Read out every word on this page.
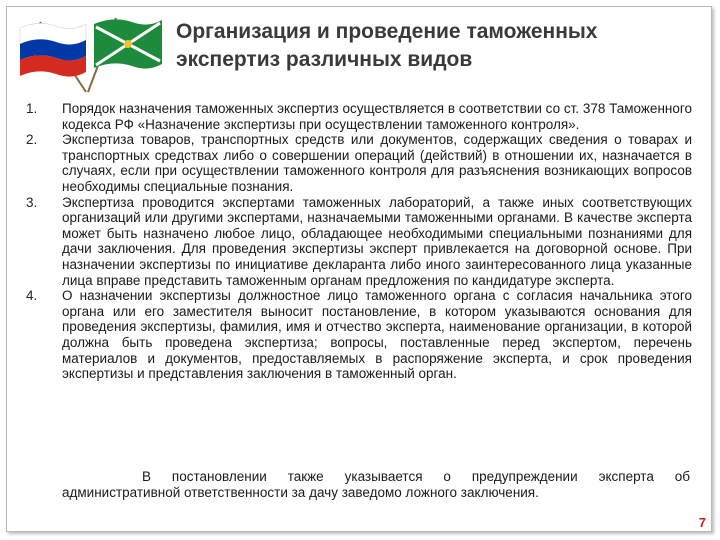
Организация и проведение таможенных
экспертиз различных видов
1. Порядок назначения таможенных экспертиз осуществляется в соответствии со ст. 378 Таможенного кодекса РФ «Назначение экспертизы при осуществлении таможенного контроля».
2. Экспертиза товаров, транспортных средств или документов, содержащих сведения о товарах и транспортных средствах либо о совершении операций (действий) в отношении их, назначается в случаях, если при осуществлении таможенного контроля для разъяснения возникающих вопросов необходимы специальные познания.
3. Экспертиза проводится экспертами таможенных лабораторий, а также иных соответствующих организаций или другими экспертами, назначаемыми таможенными органами. В качестве эксперта может быть назначено любое лицо, обладающее необходимыми специальными познаниями для дачи заключения. Для проведения экспертизы эксперт привлекается на договорной основе. При назначении экспертизы по инициативе декларанта либо иного заинтересованного лица указанные лица вправе представить таможенным органам предложения по кандидатуре эксперта.
4. О назначении экспертизы должностное лицо таможенного органа с согласия начальника этого органа или его заместителя выносит постановление, в котором указываются основания для проведения экспертизы, фамилия, имя и отчество эксперта, наименование организации, в которой должна быть проведена экспертиза; вопросы, поставленные перед экспертом, перечень материалов и документов, предоставляемых в распоряжение эксперта, и срок проведения экспертизы и представления заключения в таможенный орган.
В постановлении также указывается о предупреждении эксперта об административной ответственности за дачу заведомо ложного заключения.
7
